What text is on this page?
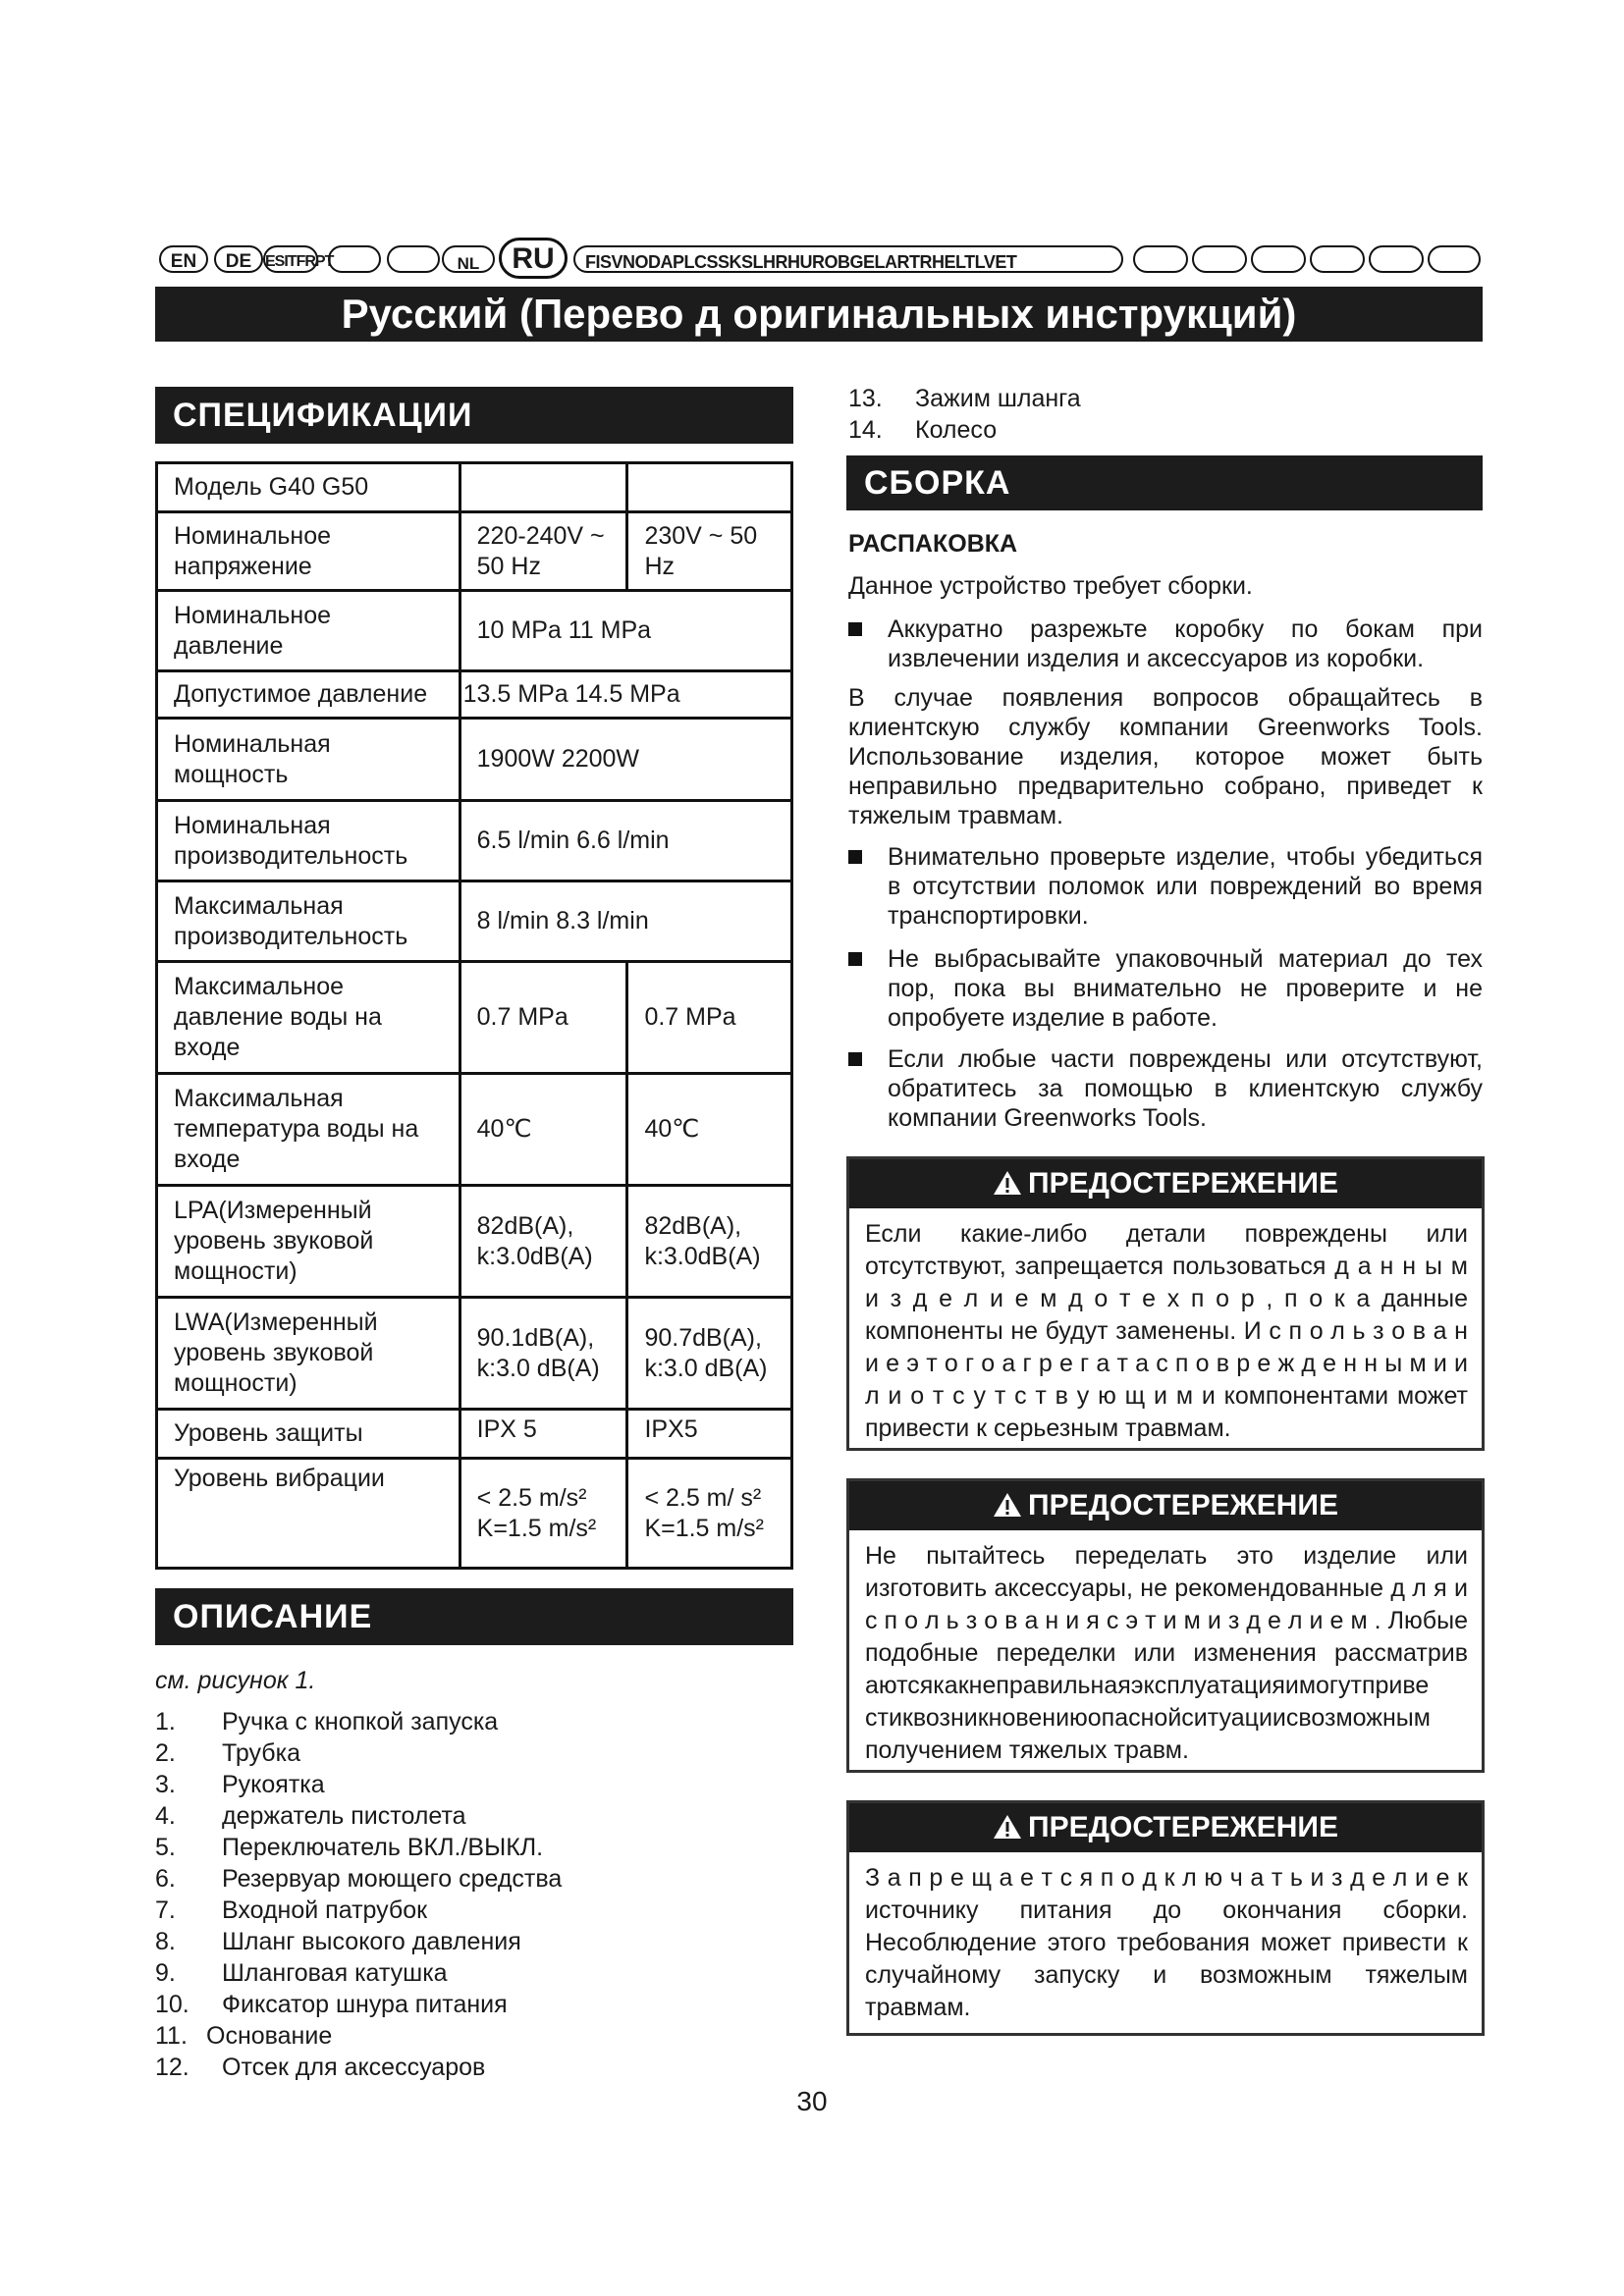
EN	DE ESITFRPT	NL	RU	FISVNODAPLCSSKSLHRHUROBGELARTRHELTLVET
Русский (Перево д оригинальных инструкций)
СПЕЦИФИКАЦИИ
Модель G40 G50		
Номинальное напряжение	220-240V ~ 50 Hz	230V ~ 50 Hz
Номинальное давление	10 MPa 11 MPa	
Допустимое давление	13.5 MPa 14.5 MPa	
Номинальная мощность	1900W 2200W	
Номинальная производительность	6.5 l/min 6.6 l/min	
Максимальная производительность	8 l/min 8.3 l/min	
Максимальное давление воды на входе	0.7 MPa	0.7 MPa
Максимальная температура воды на входе	40℃	40℃
LPA(Измеренный уровень звуковой мощности)	82dB(A), k:3.0dB(A)	82dB(A), k:3.0dB(A)
LWA(Измеренный уровень звуковой мощности)	90.1dB(A), k:3.0 dB(A)	90.7dB(A), k:3.0 dB(A)
Уровень защиты	IPX 5	IPX5
Уровень вибрации	< 2.5 m/s² K=1.5 m/s²	< 2.5 m/ s² K=1.5 m/s²
ОПИСАНИЕ
см. рисунок 1.
1. Ручка с кнопкой запуска
2. Трубка
3. Рукоятка
4. держатель пистолета
5. Переключатель ВКЛ./ВЫКЛ.
6. Резервуар моющего средства
7. Входной патрубок
8. Шланг высокого давления
9. Шланговая катушка
10. Фиксатор шнура питания
11. Основание
12. Отсек для аксессуаров
13. Зажим шланга
14. Колесо
СБОРКА
РАСПАКОВКА
Данное устройство требует сборки.
Аккуратно разрежьте коробку по бокам при извлечении изделия и аксессуаров из коробки.
В случае появления вопросов обращайтесь в клиентскую службу компании Greenworks Tools. Использование изделия, которое может быть неправильно предварительно собрано, приведет к тяжелым травмам.
Внимательно проверьте изделие, чтобы убедиться в отсутствии поломок или повреждений во время транспортировки.
Не выбрасывайте упаковочный материал до тех пор, пока вы внимательно не проверите и не опробуете изделие в работе.
Если любые части повреждены или отсутствуют, обратитесь за помощью в клиентскую службу компании Greenworks Tools.
ПРЕДОСТЕРЕЖЕНИЕ
Если какие-либо детали повреждены или отсутствуют, запрещается пользоваться д а н н ы м и з д е л и е м д о т е х п о р , п о к а данные компоненты не будут заменены. И с п о л ь з о в а н и е э т о г о а г р е г а т а с п о в р е ж д е н н ы м и и л и о т с у т с т в у ю щ и м и компонентами может привести к серьезным травмам.
ПРЕДОСТЕРЕЖЕНИЕ
Не пытайтесь переделать это изделие или изготовить аксессуары, не рекомендованные д л я и с п о л ь з о в а н и я с э т и м и з д е л и е м . Любые подобные переделки или изменения рассматрив аютсякакнеправильнаяэксплуатацияимогутприве стиквозникновениюопаснойситуациисвозможным получением тяжелых травм.
ПРЕДОСТЕРЕЖЕНИЕ
З а п р е щ а е т с я п о д к л ю ч а т ь и з д е л и е к источнику питания до окончания сборки. Несоблюдение этого требования может привести к случайному запуску и возможным тяжелым травмам.
30
